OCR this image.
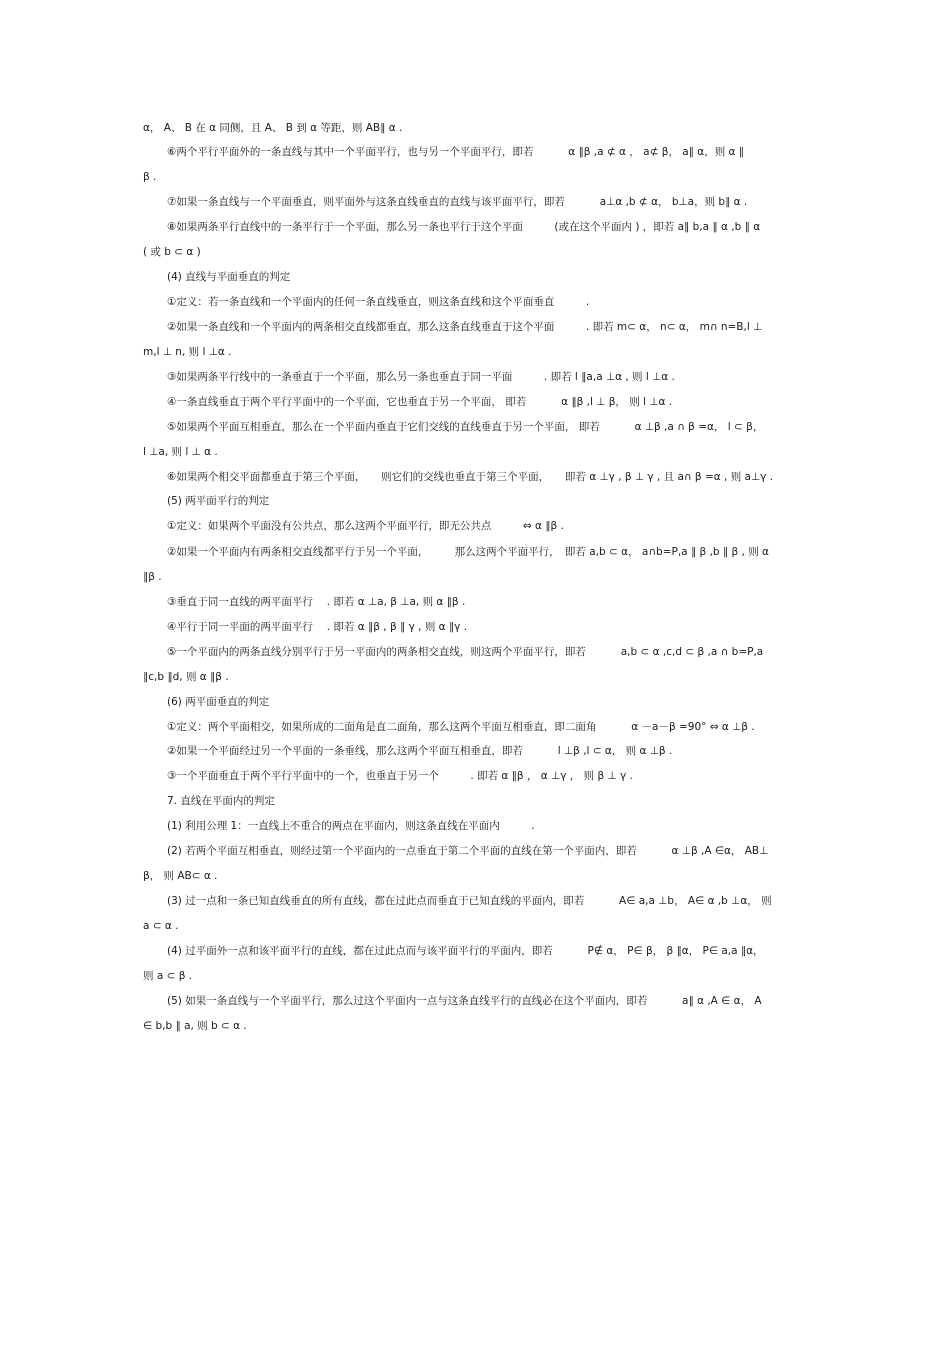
α， A、 B 在 α 同侧，且 A、 B 到 α 等距，则 AB∥ α .
⑥两个平行平面外的一条直线与其中一个平面平行，也与另一个平面平行，即若　　　 α ∥β ,a ⊄ α ， a⊄ β， a∥ α，则 α ∥
β .
⑦如果一条直线与一个平面垂直，则平面外与这条直线垂直的直线与该平面平行，即若　　　 a⊥α ,b ⊄ α， b⊥a，则 b∥ α .
⑧如果两条平行直线中的一条平行于一个平面，那么另一条也平行于这个平面　　　(或在这个平面内 ) ，即若 a∥ b,a ∥ α ,b ∥ α
( 或 b ⊂ α )
(4) 直线与平面垂直的判定
①定义：若一条直线和一个平面内的任何一条直线垂直，则这条直线和这个平面垂直　　　.
②如果一条直线和一个平面内的两条相交直线都垂直，那么这条直线垂直于这个平面　　　. 即若 m⊂ α， n⊂ α， m∩ n=B,l ⊥
m,l ⊥ n, 则 l ⊥α .
③如果两条平行线中的一条垂直于一个平面，那么另一条也垂直于同一平面　　　. 即若 l ∥a,a ⊥α , 则 l ⊥α .
④一条直线垂直于两个平行平面中的一个平面，它也垂直于另一个平面， 即若　　　 α ∥β ,l ⊥ β， 则 l ⊥α .
⑤如果两个平面互相垂直，那么在一个平面内垂直于它们交线的直线垂直于另一个平面， 即若　　　 α ⊥β ,a ∩ β =α， l ⊂ β，
l ⊥a, 则 l ⊥ α .
⑥如果两个相交平面都垂直于第三个平面，　　则它们的交线也垂直于第三个平面，　　即若 α ⊥γ , β ⊥ γ , 且 a∩ β =α , 则 a⊥γ .
(5) 两平面平行的判定
①定义：如果两个平面没有公共点，那么这两个平面平行，即无公共点　　　⇔ α ∥β .
②如果一个平面内有两条相交直线都平行于另一个平面，　　　那么这两个平面平行，　即若 a,b ⊂ α， a∩b=P,a ∥ β ,b ∥ β , 则 α
∥β .
③垂直于同一直线的两平面平行　 . 即若 α ⊥a, β ⊥a, 则 α ∥β .
④平行于同一平面的两平面平行　 . 即若 α ∥β , β ∥ γ , 则 α ∥γ .
⑤一个平面内的两条直线分别平行于另一平面内的两条相交直线，则这两个平面平行，即若　　　 a,b ⊂ α ,c,d ⊂ β ,a ∩ b=P,a
∥c,b ∥d, 则 α ∥β .
(6) 两平面垂直的判定
①定义：两个平面相交，如果所成的二面角是直二面角，那么这两个平面互相垂直，即二面角　　　 α －a－β =90° ⇔ α ⊥β .
②如果一个平面经过另一个平面的一条垂线，那么这两个平面互相垂直，即若　　　 l ⊥β ,l ⊂ α， 则 α ⊥β .
③一个平面垂直于两个平行平面中的一个，也垂直于另一个　　　. 即若 α ∥β ， α ⊥γ ， 则 β ⊥ γ .
7. 直线在平面内的判定
(1) 利用公理 1：一直线上不重合的两点在平面内，则这条直线在平面内　　　.
(2) 若两个平面互相垂直，则经过第一个平面内的一点垂直于第二个平面的直线在第一个平面内，即若　　　 α ⊥β ,A ∈α， AB⊥
β， 则 AB⊂ α .
(3) 过一点和一条已知直线垂直的所有直线，都在过此点而垂直于已知直线的平面内，即若　　　 A∈ a,a ⊥b， A∈ α ,b ⊥α， 则
a ⊂ α .
(4) 过平面外一点和该平面平行的直线，都在过此点而与该平面平行的平面内，即若　　　 P∉ α， P∈ β， β ∥α， P∈ a,a ∥α，
则 a ⊂ β .
(5) 如果一条直线与一个平面平行，那么过这个平面内一点与这条直线平行的直线必在这个平面内，即若　　　 a∥ α ,A ∈ α， A
∈ b,b ∥ a, 则 b ⊂ α .
